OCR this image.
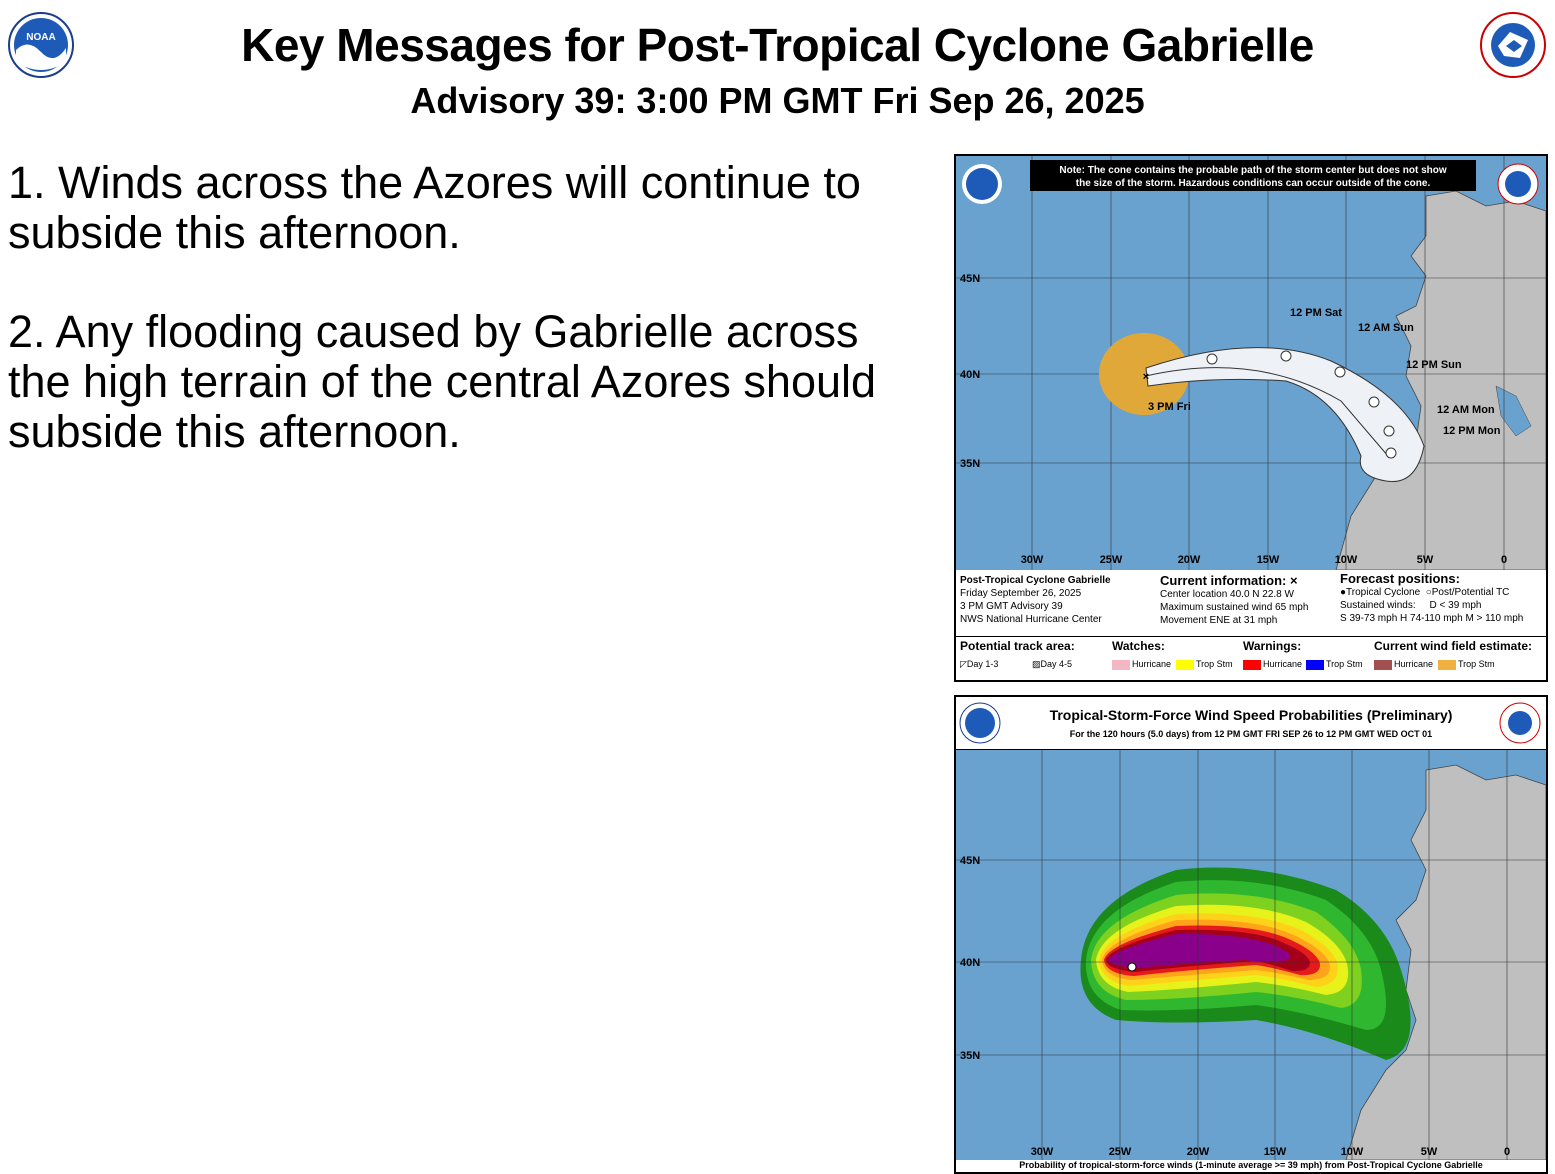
NOAA	Key Messages for Post-Tropical Cyclone Gabrielle
Advisory 39: 3:00 PM GMT Fri Sep 26, 2025
1. Winds across the Azores will continue to subside this afternoon.
2. Any flooding caused by Gabrielle across the high terrain of the central Azores should subside this afternoon.
×
3 PM Fri
12 PM Sat
12 AM Sun
12 PM Sun
12 AM Mon
12 PM Mon
Note: The cone contains the probable path of the storm center but does not show
the size of the storm. Hazardous conditions can occur outside of the cone.
45N
40N
35N
30W	25W	20W	15W	10W	5W	0
Post-Tropical Cyclone Gabrielle
Friday September 26, 2025
3 PM GMT Advisory 39
NWS National Hurricane Center
Current information: ×
Center location 40.0 N 22.8 W
Maximum sustained wind 65 mph
Movement ENE at 31 mph
Forecast positions:
●Tropical Cyclone ○Post/Potential TC
Sustained winds: D < 39 mph
S 39-73 mph H 74-110 mph M > 110 mph
Potential track area:	Watches:	Warnings:	Current wind field estimate:
◸Day 1-3	▨Day 4-5	Hurricane	Trop Stm	Hurricane	Trop Stm	Hurricane	Trop Stm
Tropical-Storm-Force Wind Speed Probabilities (Preliminary)
For the 120 hours (5.0 days) from 12 PM GMT FRI SEP 26 to 12 PM GMT WED OCT 01
45N
40N
35N
30W	25W	20W	15W	10W	5W	0
Probability of tropical-storm-force winds (1-minute average >= 39 mph) from Post-Tropical Cyclone Gabrielle
